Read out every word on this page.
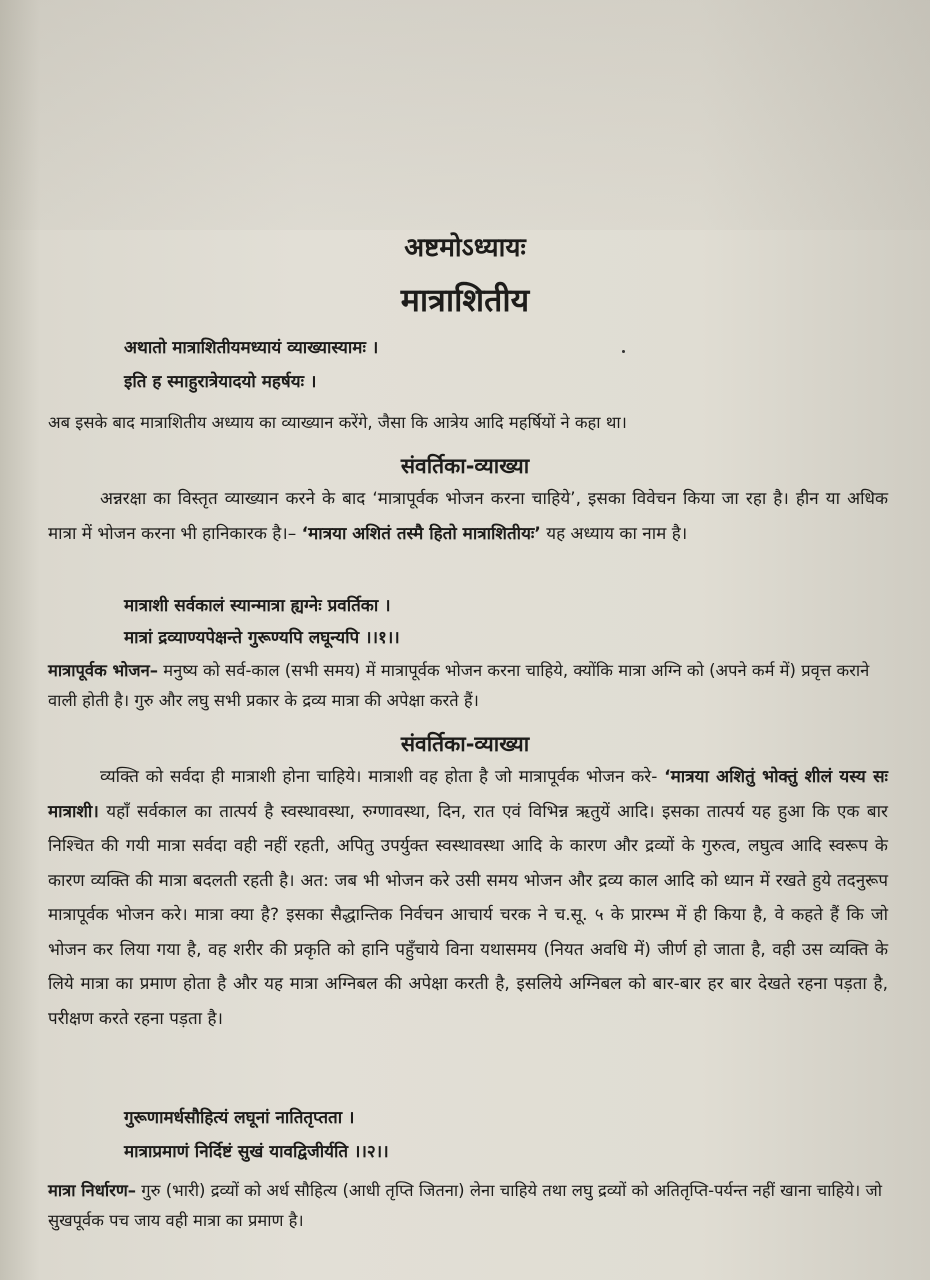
अष्टमोऽध्यायः
मात्राशितीय
अथातो मात्राशितीयमध्यायं व्याख्यास्यामः ।
इति ह स्माहुरात्रेयादयो महर्षयः ।
अब इसके बाद मात्राशितीय अध्याय का व्याख्यान करेंगे, जैसा कि आत्रेय आदि महर्षियों ने कहा था।
संवर्तिका-व्याख्या

अन्नरक्षा का विस्तृत व्याख्यान करने के बाद ‘मात्रापूर्वक भोजन करना चाहिये’, इसका विवेचन किया जा रहा है। हीन या अधिक मात्रा में भोजन करना भी हानिकारक है।– ‘मात्रया अशितं तस्मै हितो मात्राशितीयः’ यह अध्याय का नाम है।

मात्राशी सर्वकालं स्यान्मात्रा ह्यग्नेः प्रवर्तिका ।
मात्रां द्रव्याण्यपेक्षन्ते गुरूण्यपि लघून्यपि ।।१।।
मात्रापूर्वक भोजन– मनुष्य को सर्व-काल (सभी समय) में मात्रापूर्वक भोजन करना चाहिये, क्योंकि मात्रा अग्नि को (अपने कर्म में) प्रवृत्त कराने वाली होती है। गुरु और लघु सभी प्रकार के द्रव्य मात्रा की अपेक्षा करते हैं।
संवर्तिका-व्याख्या

व्यक्ति को सर्वदा ही मात्राशी होना चाहिये। मात्राशी वह होता है जो मात्रापूर्वक भोजन करे- ‘मात्रया अशितुं भोक्तुं शीलं यस्य सः मात्राशी। यहाँ सर्वकाल का तात्पर्य है स्वस्थावस्था, रुग्णावस्था, दिन, रात एवं विभिन्न ऋतुयें आदि। इसका तात्पर्य यह हुआ कि एक बार निश्चित की गयी मात्रा सर्वदा वही नहीं रहती, अपितु उपर्युक्त स्वस्थावस्था आदि के कारण और द्रव्यों के गुरुत्व, लघुत्व आदि स्वरूप के कारण व्यक्ति की मात्रा बदलती रहती है। अत: जब भी भोजन करे उसी समय भोजन और द्रव्य काल आदि को ध्यान में रखते हुये तदनुरूप मात्रापूर्वक भोजन करे। मात्रा क्या है? इसका सैद्धान्तिक निर्वचन आचार्य चरक ने च.सू. ५ के प्रारम्भ में ही किया है, वे कहते हैं कि जो भोजन कर लिया गया है, वह शरीर की प्रकृति को हानि पहुँचाये विना यथासमय (नियत अवधि में) जीर्ण हो जाता है, वही उस व्यक्ति के लिये मात्रा का प्रमाण होता है और यह मात्रा अग्निबल की अपेक्षा करती है, इसलिये अग्निबल को बार-बार हर बार देखते रहना पड़ता है, परीक्षण करते रहना पड़ता है।

गुरूणामर्धसौहित्यं लघूनां नातितृप्तता ।
मात्राप्रमाणं निर्दिष्टं सुखं यावद्विजीर्यति ।।२।।
मात्रा निर्धारण– गुरु (भारी) द्रव्यों को अर्ध सौहित्य (आधी तृप्ति जितना) लेना चाहिये तथा लघु द्रव्यों को अतितृप्ति-पर्यन्त नहीं खाना चाहिये। जो सुखपूर्वक पच जाय वही मात्रा का प्रमाण है।
